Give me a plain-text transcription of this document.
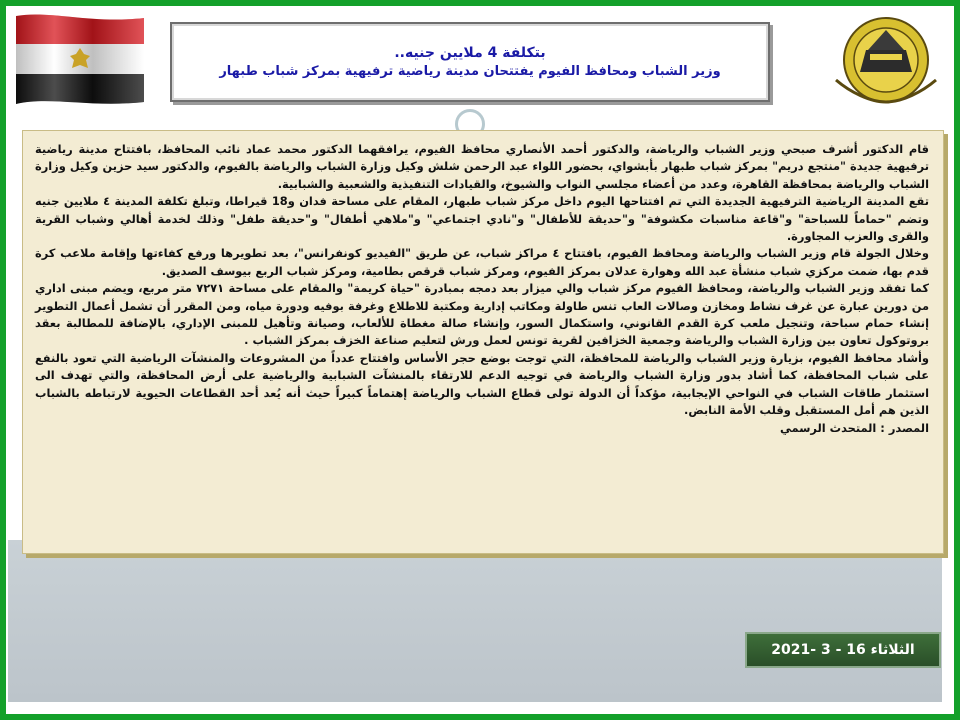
بتكلفة 4 ملايين جنيه..
وزير الشباب ومحافظ الفيوم يفتتحان مدينة رياضية ترفيهية بمركز شباب طبهار

قام الدكتور أشرف صبحي وزير الشباب والرياضة، والدكتور أحمد الأنصاري محافظ الفيوم، يرافقهما الدكتور محمد عماد نائب المحافظ، بافتتاح مدينة رياضية ترفيهية جديدة "منتجع دريم" بمركز شباب طبهار بأبشواي، بحضور اللواء عبد الرحمن شلش وكيل وزارة الشباب والرياضة بالفيوم، والدكتور سيد حزين وكيل وزارة الشباب والرياضة بمحافظة القاهرة، وعدد من أعضاء مجلسي النواب والشيوخ، والقيادات التنفيذية والشعبية والشبابية.

تقع المدينة الرياضية الترفيهية الجديدة التي تم افتتاحها اليوم داخل مركز شباب طبهار، المقام على مساحة فدان و18 قيراطا، وتبلغ تكلفة المدينة ٤ ملايين جنيه وتضم "حماماً للسباحة" و"قاعة مناسبات مكشوفة" و"حديقة للأطفال" و"نادي اجتماعي" و"ملاهي أطفال" و"حديقة طفل" وذلك لخدمة أهالي وشباب القرية والقرى والعزب المجاورة.

وخلال الجولة قام وزير الشباب والرياضة ومحافظ الفيوم، بافتتاح ٤ مراكز شباب، عن طريق "الفيديو كونفرانس"، بعد تطويرها ورفع كفاءتها وإقامة ملاعب كرة قدم بها، ضمت مركزي شباب منشأة عبد الله وهوارة عدلان بمركز الفيوم، ومركز شباب قرقص بطامية، ومركز شباب الربع بيوسف الصديق.

كما تفقد وزير الشباب والرياضة، ومحافظ الفيوم مركز شباب والي ميزار بعد دمجه بمبادرة "حياة كريمة" والمقام على مساحة ٧٢٧١ متر مربع، ويضم مبنى اداري من دورين عبارة عن غرف نشاط ومخازن وصالات العاب تنس طاولة ومكاتب إدارية ومكتبة للاطلاع وغرفة بوفيه ودورة مياه، ومن المقرر أن تشمل أعمال التطوير إنشاء حمام سباحة، وتنجيل ملعب كرة القدم القانوني، واستكمال السور، وإنشاء صالة مغطاة للألعاب، وصيانة وتأهيل للمبنى الإداري، بالإضافة للمطالبة بعقد بروتوكول تعاون بين وزارة الشباب والرياضة وجمعية الخزافين لقرية تونس لعمل ورش لتعليم صناعة الخزف بمركز الشباب .

وأشاد محافظ الفيوم، بزيارة وزير الشباب والرياضة للمحافظة، التي توجت بوضع حجر الأساس وافتتاح عدداً من المشروعات والمنشآت الرياضية التي تعود بالنفع على شباب المحافظة، كما أشاد بدور وزارة الشباب والرياضة في توجيه الدعم للارتقاء بالمنشآت الشبابية والرياضية على أرض المحافظة، والتي تهدف الى استثمار طاقات الشباب في النواحي الإيجابية، مؤكداً أن الدولة تولى قطاع الشباب والرياضة إهتماماً كبيراً حيث أنه يُعد أحد القطاعات الحيوية لارتباطه بالشباب الذين هم أمل المستقبل وقلب الأمة النابض.

المصدر : المتحدث الرسمي

الثلاثاء 16 - 3 -2021
